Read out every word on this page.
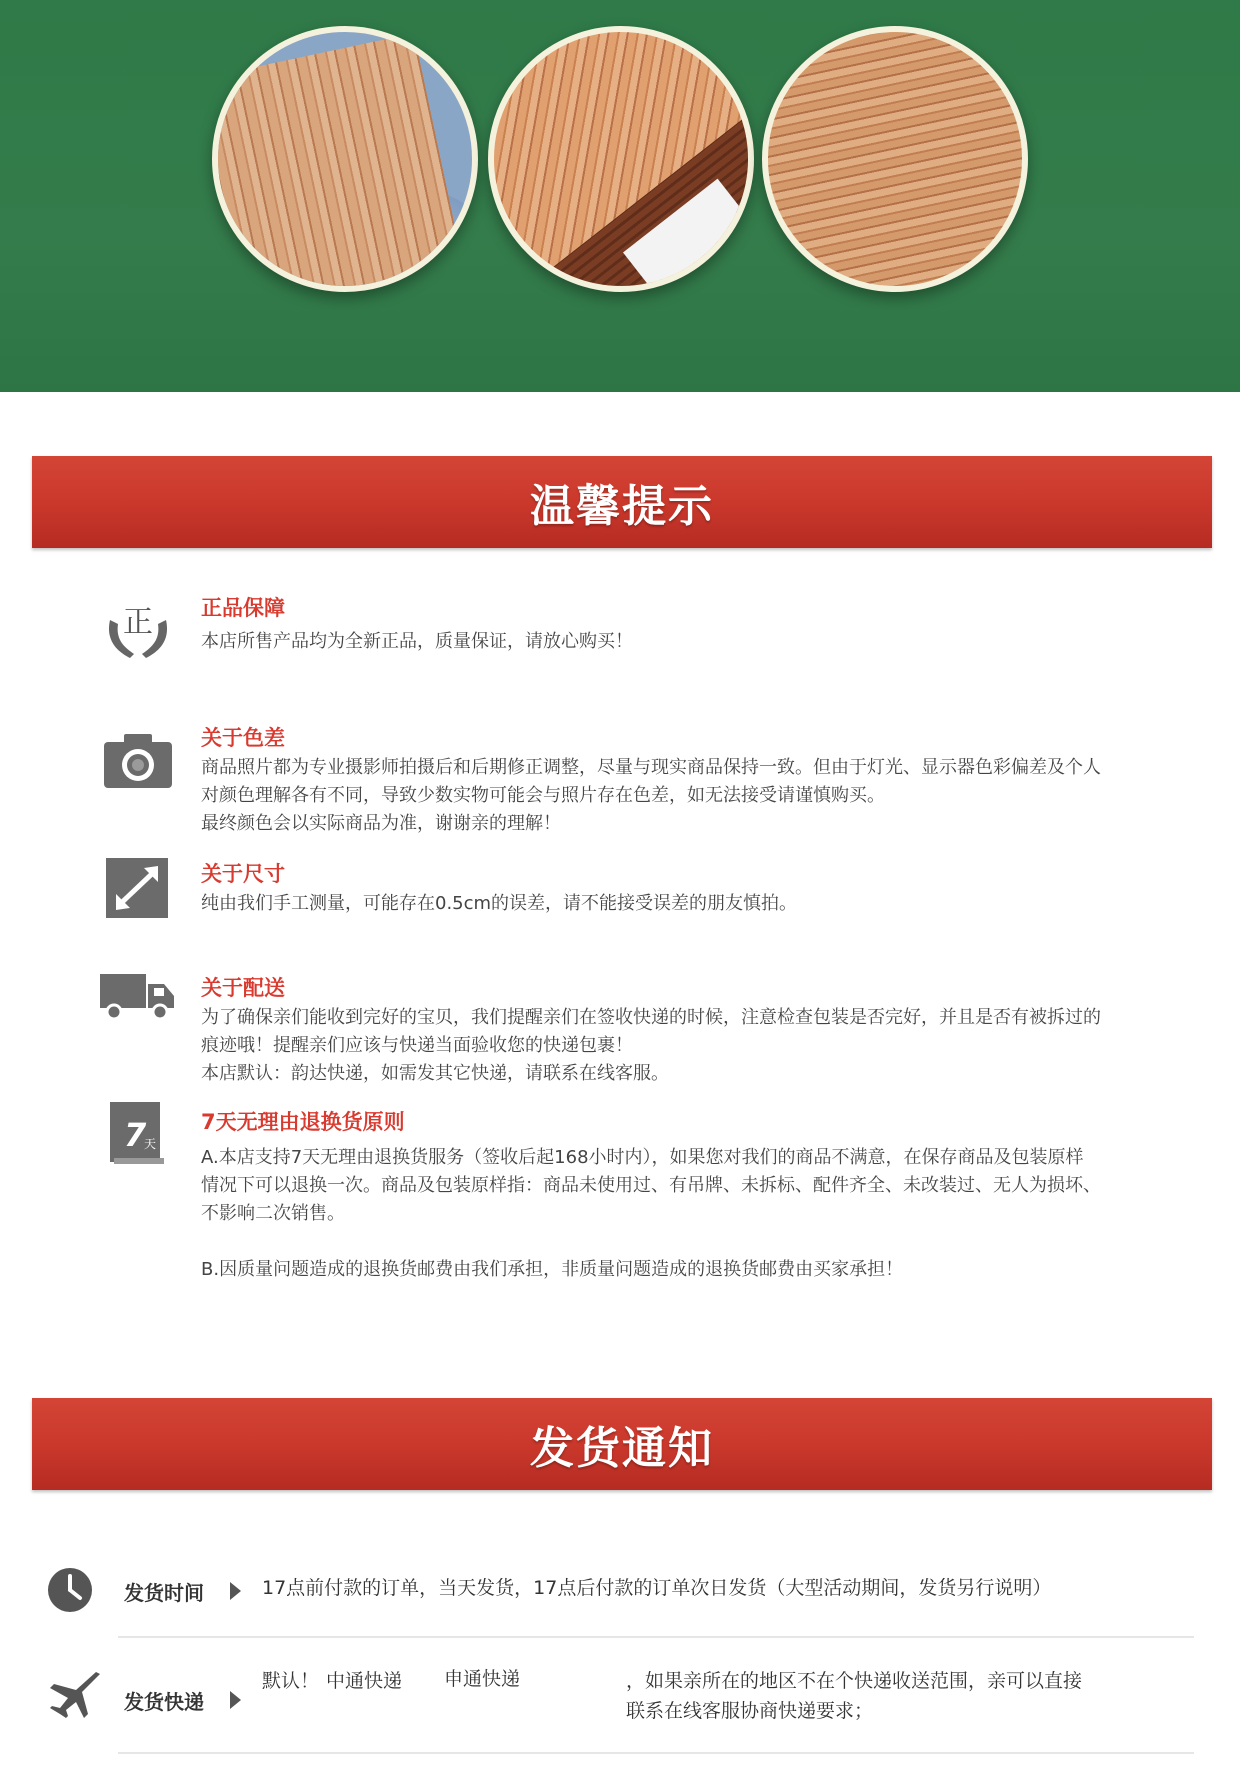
温馨提示
正 正品保障
本店所售产品均为全新正品，质量保证，请放心购买！
关于色差
商品照片都为专业摄影师拍摄后和后期修正调整，尽量与现实商品保持一致。但由于灯光、显示器色彩偏差及个人
对颜色理解各有不同，导致少数实物可能会与照片存在色差，如无法接受请谨慎购买。
最终颜色会以实际商品为准，谢谢亲的理解！
关于尺寸
纯由我们手工测量，可能存在0.5cm的误差，请不能接受误差的朋友慎拍。
关于配送
为了确保亲们能收到完好的宝贝，我们提醒亲们在签收快递的时候，注意检查包装是否完好，并且是否有被拆过的
痕迹哦！提醒亲们应该与快递当面验收您的快递包裹！
本店默认：韵达快递，如需发其它快递，请联系在线客服。
7
天
7天无理由退换货原则
A.本店支持7天无理由退换货服务（签收后起168小时内），如果您对我们的商品不满意，在保存商品及包装原样
情况下可以退换一次。商品及包装原样指：商品未使用过、有吊牌、未拆标、配件齐全、未改装过、无人为损坏、
不影响二次销售。
B.因质量问题造成的退换货邮费由我们承担，非质量问题造成的退换货邮费由买家承担！
发货通知
发货时间	17点前付款的订单，当天发货，17点后付款的订单次日发货（大型活动期间，发货另行说明）
发货快递
默认！ 中通快递 申通快递	，如果亲所在的地区不在个快递收送范围，亲可以直接
联系在线客服协商快递要求；
